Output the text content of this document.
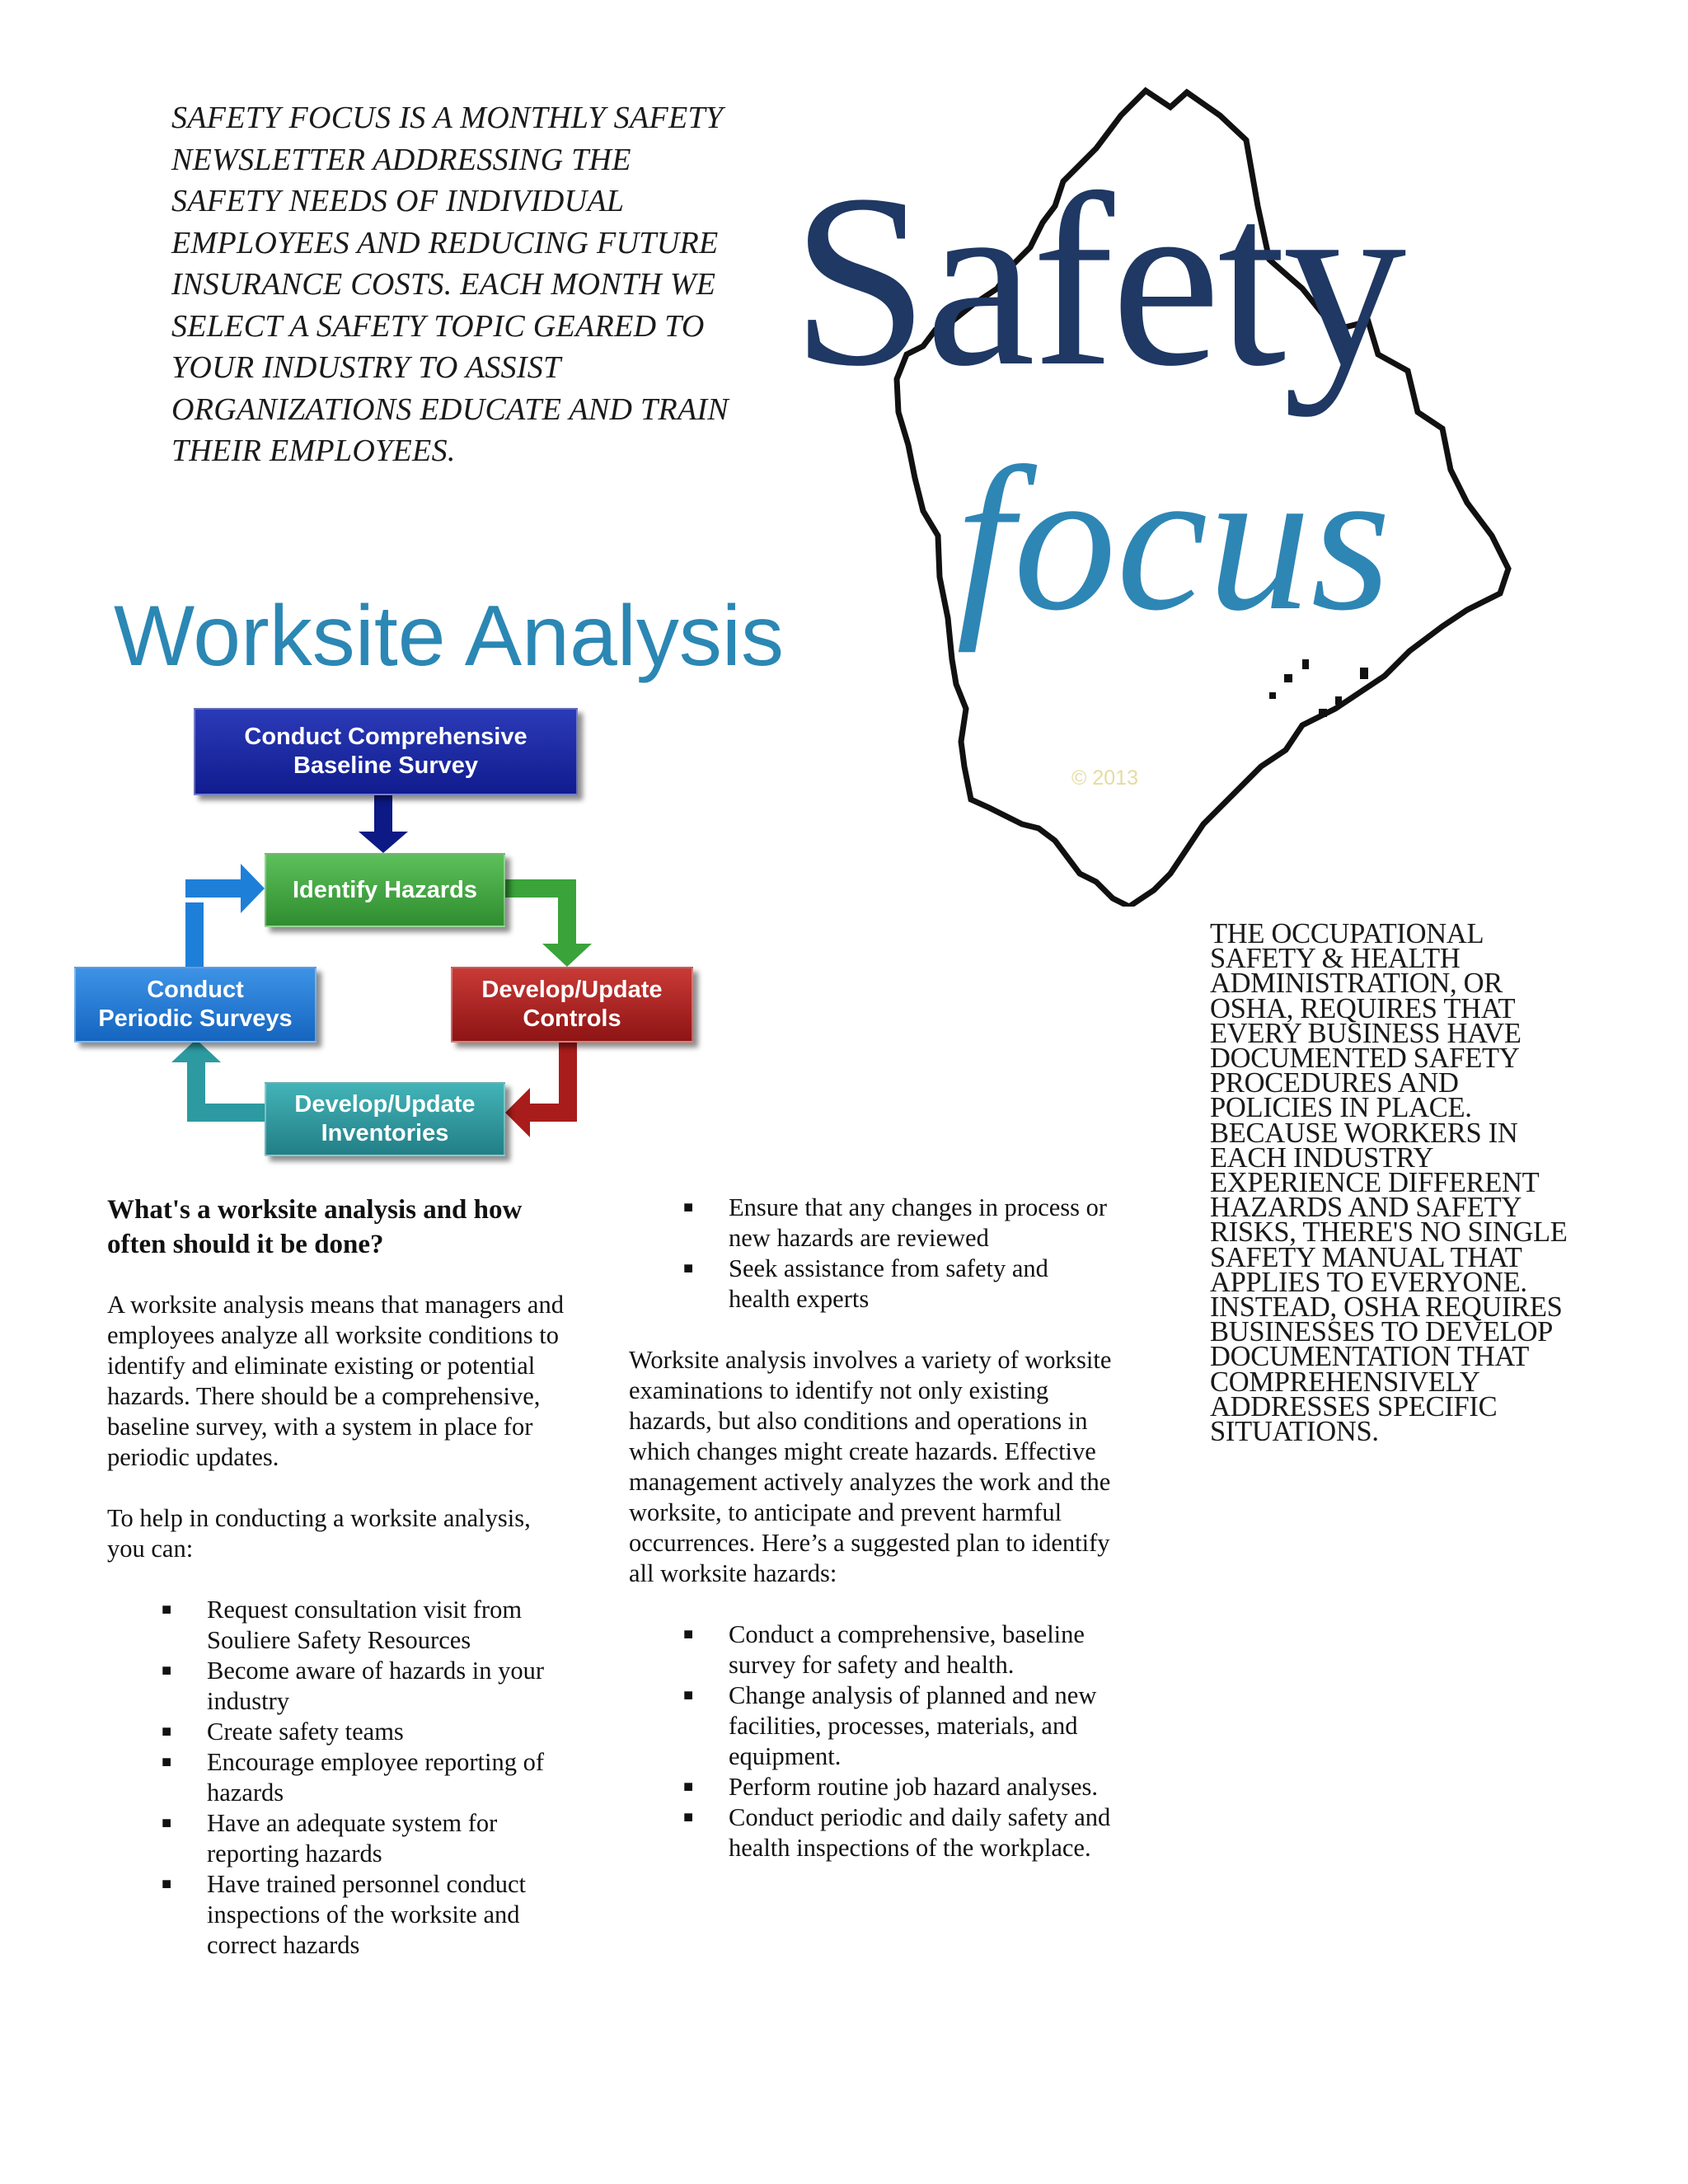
SAFETY FOCUS IS A MONTHLY SAFETY NEWSLETTER ADDRESSING THE SAFETY NEEDS OF INDIVIDUAL EMPLOYEES AND REDUCING FUTURE INSURANCE COSTS. EACH MONTH WE SELECT A SAFETY TOPIC GEARED TO YOUR INDUSTRY TO ASSIST ORGANIZATIONS EDUCATE AND TRAIN THEIR EMPLOYEES.
Safety
focus
© 2013
Worksite Analysis
Conduct Comprehensive
Baseline Survey
Identify Hazards
Develop/Update
Controls
Develop/Update
Inventories
Conduct
Periodic Surveys
What's a worksite analysis and how often should it be done?

A worksite analysis means that managers and employees analyze all worksite conditions to identify and eliminate existing or potential hazards. There should be a comprehensive, baseline survey, with a system in place for periodic updates.

To help in conducting a worksite analysis, you can:

■ Request consultation visit from Souliere Safety Resources
■ Become aware of hazards in your industry
■ Create safety teams
■ Encourage employee reporting of hazards
■ Have an adequate system for reporting hazards
■ Have trained personnel conduct inspections of the worksite and correct hazards
■ Ensure that any changes in process or new hazards are reviewed
■ Seek assistance from safety and health experts

Worksite analysis involves a variety of worksite examinations to identify not only existing hazards, but also conditions and operations in which changes might create hazards. Effective management actively analyzes the work and the worksite, to anticipate and prevent harmful occurrences. Here’s a suggested plan to identify all worksite hazards:

■ Conduct a comprehensive, baseline survey for safety and health.
■ Change analysis of planned and new facilities, processes, materials, and equipment.
■ Perform routine job hazard analyses.
■ Conduct periodic and daily safety and health inspections of the workplace.
THE OCCUPATIONAL SAFETY & HEALTH ADMINISTRATION, OR OSHA, REQUIRES THAT EVERY BUSINESS HAVE DOCUMENTED SAFETY PROCEDURES AND POLICIES IN PLACE. BECAUSE WORKERS IN EACH INDUSTRY EXPERIENCE DIFFERENT HAZARDS AND SAFETY RISKS, THERE'S NO SINGLE SAFETY MANUAL THAT APPLIES TO EVERYONE. INSTEAD, OSHA REQUIRES BUSINESSES TO DEVELOP DOCUMENTATION THAT COMPREHENSIVELY ADDRESSES SPECIFIC SITUATIONS.
